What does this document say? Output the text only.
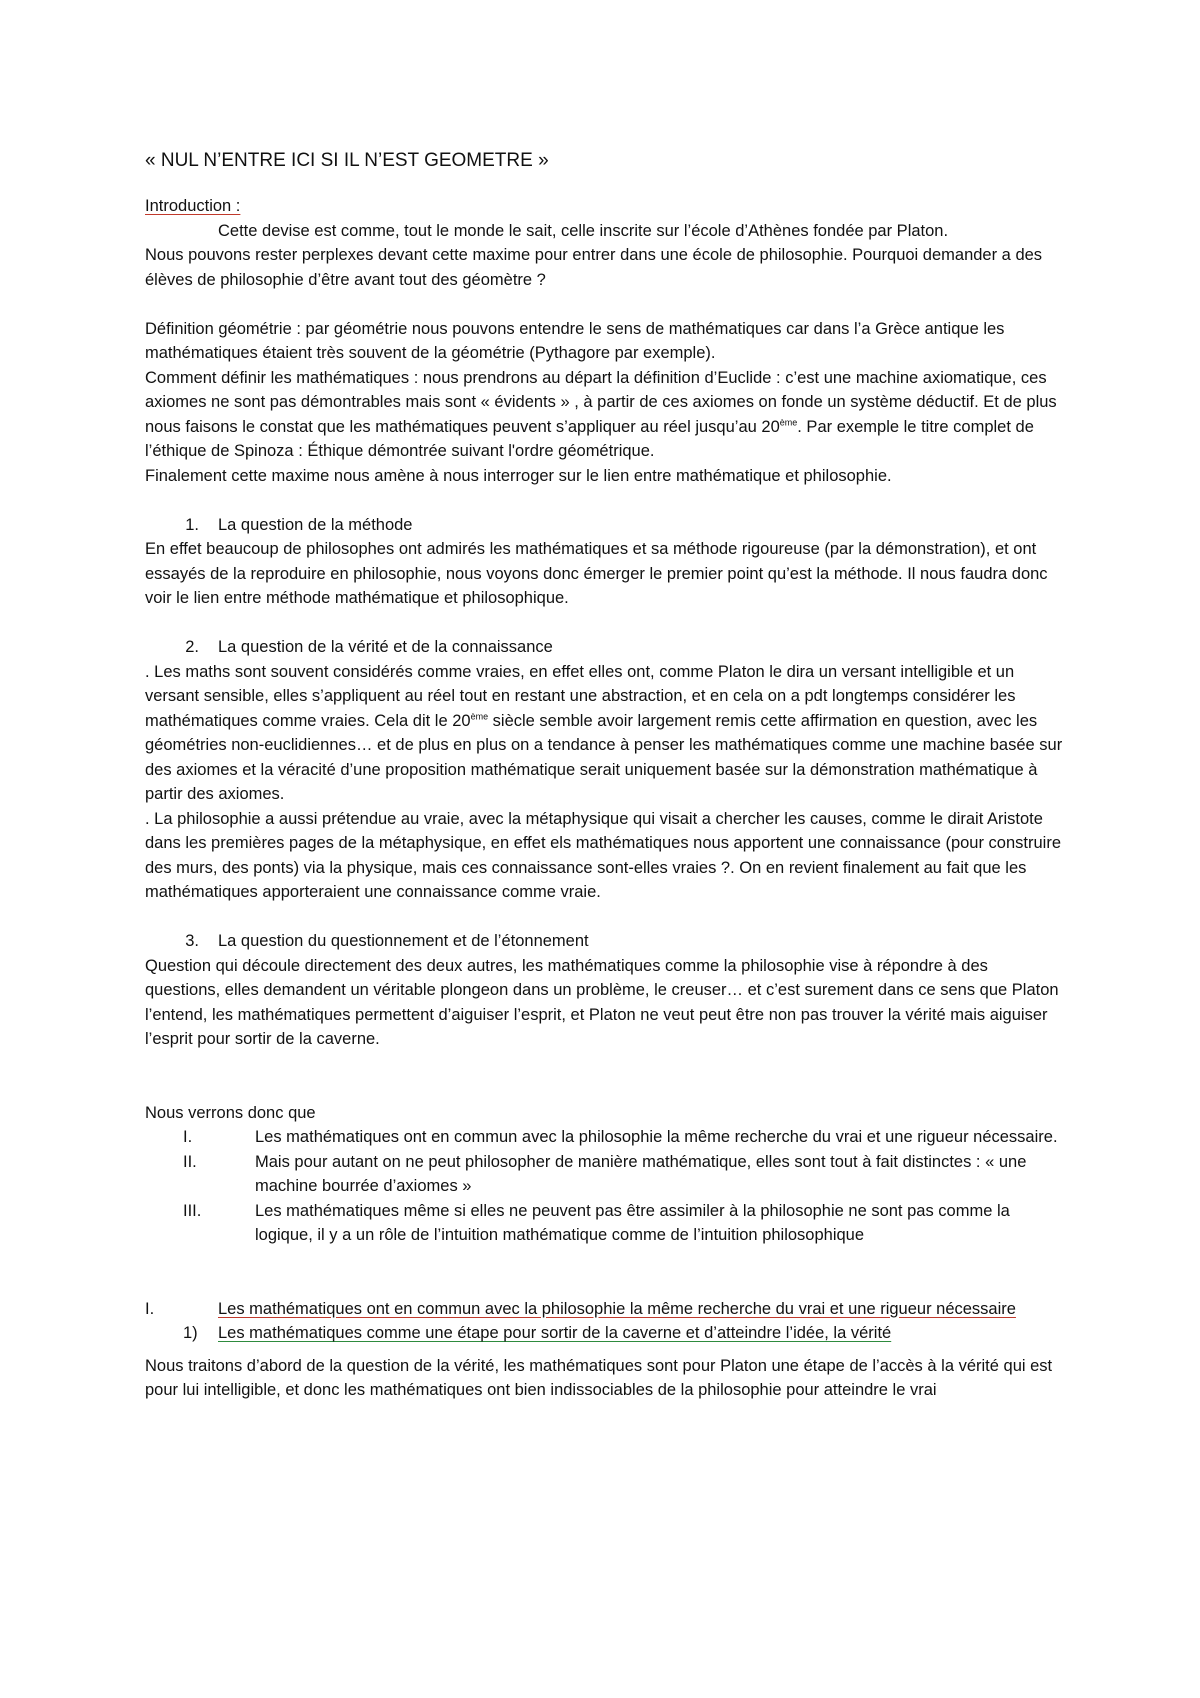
« NUL N’ENTRE ICI SI IL N’EST GEOMETRE »

Introduction :

Cette devise est comme, tout le monde le sait, celle inscrite sur l’école d’Athènes fondée par Platon.

Nous pouvons rester perplexes devant cette maxime pour entrer dans une école de philosophie. Pourquoi demander a des élèves de philosophie d’être avant tout des géomètre ?

Définition géométrie : par géométrie nous pouvons entendre le sens de mathématiques car dans l’a Grèce antique les mathématiques étaient très souvent de la géométrie (Pythagore par exemple).

Comment définir les mathématiques : nous prendrons au départ la définition d’Euclide : c’est une machine axiomatique, ces axiomes ne sont pas démontrables mais sont « évidents » , à partir de ces axiomes on fonde un système déductif. Et de plus nous faisons le constat que les mathématiques peuvent s’appliquer au réel jusqu’au 20ème. Par exemple le titre complet de l’éthique de Spinoza : Éthique démontrée suivant l'ordre géométrique.

Finalement cette maxime nous amène à nous interroger sur le lien entre mathématique et philosophie.

1.	La question de la méthode

En effet beaucoup de philosophes ont admirés les mathématiques et sa méthode rigoureuse (par la démonstration), et ont essayés de la reproduire en philosophie, nous voyons donc émerger le premier point qu’est la méthode. Il nous faudra donc voir le lien entre méthode mathématique et philosophique.

2.	La question de la vérité et de la connaissance

. Les maths sont souvent considérés comme vraies, en effet elles ont, comme Platon le dira un versant intelligible et un versant sensible, elles s’appliquent au réel tout en restant une abstraction, et en cela on a pdt longtemps considérer les mathématiques comme vraies. Cela dit le 20ème siècle semble avoir largement remis cette affirmation en question, avec les géométries non-euclidiennes… et de plus en plus on a tendance à penser les mathématiques comme une machine basée sur des axiomes et la véracité d’une proposition mathématique serait uniquement basée sur la démonstration mathématique à partir des axiomes.

. La philosophie a aussi prétendue au vraie, avec la métaphysique qui visait a chercher les causes, comme le dirait Aristote dans les premières pages de la métaphysique, en effet els mathématiques nous apportent une connaissance (pour construire des murs, des ponts) via la physique, mais ces connaissance sont-elles vraies ?. On en revient finalement au fait que les mathématiques apporteraient une connaissance comme vraie.

3.	La question du questionnement et de l’étonnement

Question qui découle directement des deux autres, les mathématiques comme la philosophie vise à répondre à des questions, elles demandent un véritable plongeon dans un problème, le creuser… et c’est surement dans ce sens que Platon l’entend, les mathématiques permettent d’aiguiser l’esprit, et Platon ne veut peut être non pas trouver la vérité mais aiguiser l’esprit pour sortir de la caverne.

Nous verrons donc que

I.	Les mathématiques ont en commun avec la philosophie la même recherche du vrai et une rigueur nécessaire.
II.	Mais pour autant on ne peut philosopher de manière mathématique, elles sont tout à fait distinctes : « une machine bourrée d’axiomes »
III.	Les mathématiques même si elles ne peuvent pas être assimiler à la philosophie ne sont pas comme la logique, il y a un rôle de l’intuition mathématique comme de l’intuition philosophique
I.	Les mathématiques ont en commun avec la philosophie la même recherche du vrai et une rigueur nécessaire
1)	Les mathématiques comme une étape pour sortir de la caverne et d’atteindre l’idée, la vérité

Nous traitons d’abord de la question de la vérité, les mathématiques sont pour Platon une étape de l’accès à la vérité qui est pour lui intelligible, et donc les mathématiques ont bien indissociables de la philosophie pour atteindre le vrai
